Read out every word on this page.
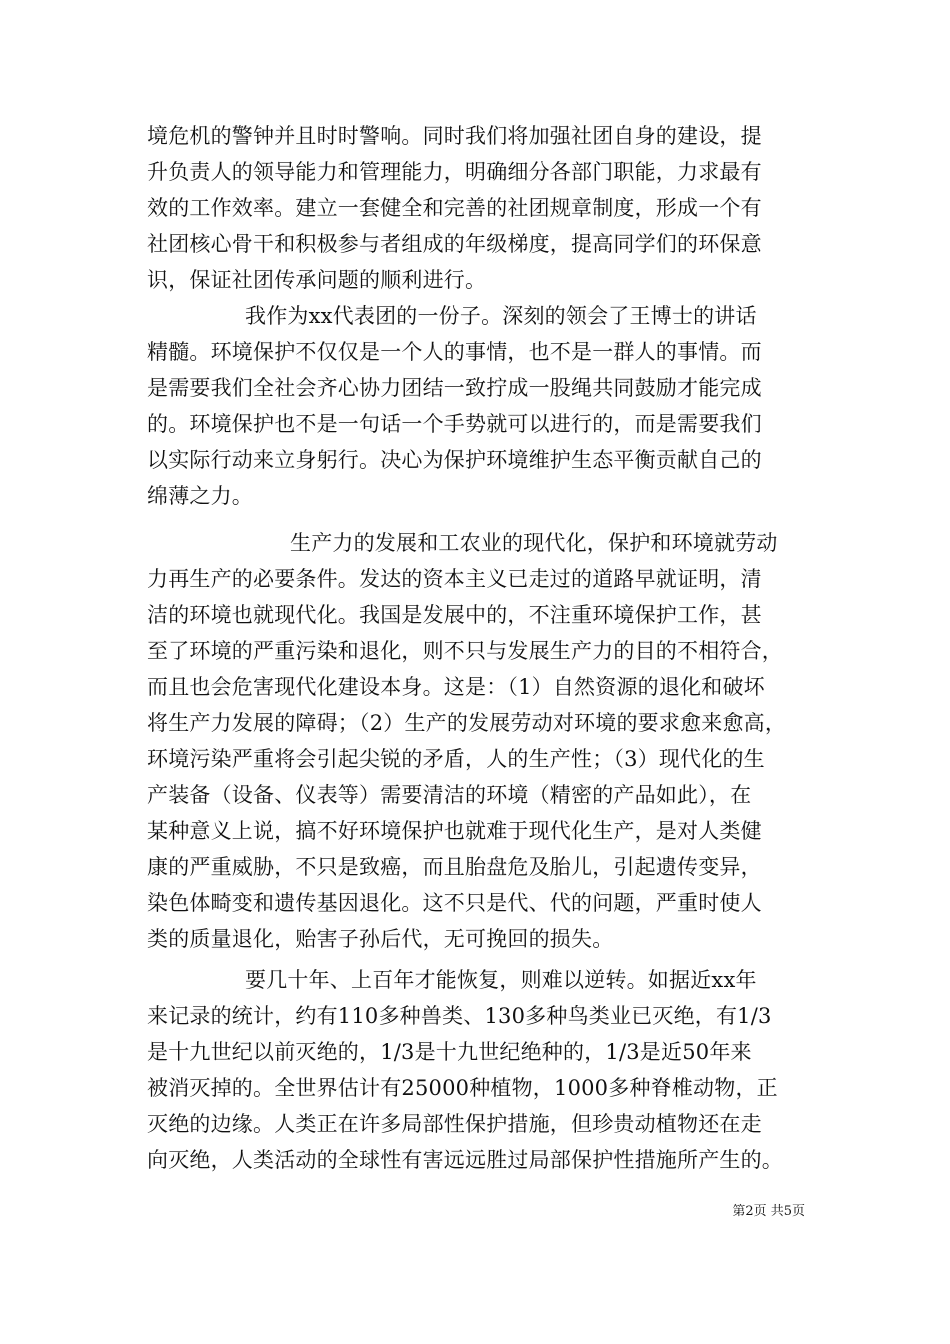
境危机的警钟并且时时警响。同时我们将加强社团自身的建设，提
升负责人的领导能力和管理能力，明确细分各部门职能，力求最有
效的工作效率。建立一套健全和完善的社团规章制度，形成一个有
社团核心骨干和积极参与者组成的年级梯度，提高同学们的环保意
识，保证社团传承问题的顺利进行。
我作为xx代表团的一份子。深刻的领会了王博士的讲话
精髓。环境保护不仅仅是一个人的事情，也不是一群人的事情。而
是需要我们全社会齐心协力团结一致拧成一股绳共同鼓励才能完成
的。环境保护也不是一句话一个手势就可以进行的，而是需要我们
以实际行动来立身躬行。决心为保护环境维护生态平衡贡献自己的
绵薄之力。
生产力的发展和工农业的现代化，保护和环境就劳动
力再生产的必要条件。发达的资本主义已走过的道路早就证明，清
洁的环境也就现代化。我国是发展中的，不注重环境保护工作，甚
至了环境的严重污染和退化，则不只与发展生产力的目的不相符合，
而且也会危害现代化建设本身。这是：（1）自然资源的退化和破坏
将生产力发展的障碍；（2）生产的发展劳动对环境的要求愈来愈高，
环境污染严重将会引起尖锐的矛盾，人的生产性；（3）现代化的生
产装备（设备、仪表等）需要清洁的环境（精密的产品如此），在
某种意义上说，搞不好环境保护也就难于现代化生产，是对人类健
康的严重威胁，不只是致癌，而且胎盘危及胎儿，引起遗传变异，
染色体畸变和遗传基因退化。这不只是代、代的问题，严重时使人
类的质量退化，贻害子孙后代，无可挽回的损失。
要几十年、上百年才能恢复，则难以逆转。如据近xx年
来记录的统计，约有110多种兽类、130多种鸟类业已灭绝，有1/3
是十九世纪以前灭绝的，1/3是十九世纪绝种的，1/3是近50年来
被消灭掉的。全世界估计有25000种植物，1000多种脊椎动物，正
灭绝的边缘。人类正在许多局部性保护措施，但珍贵动植物还在走
向灭绝，人类活动的全球性有害远远胜过局部保护性措施所产生的。
第2页 共5页
